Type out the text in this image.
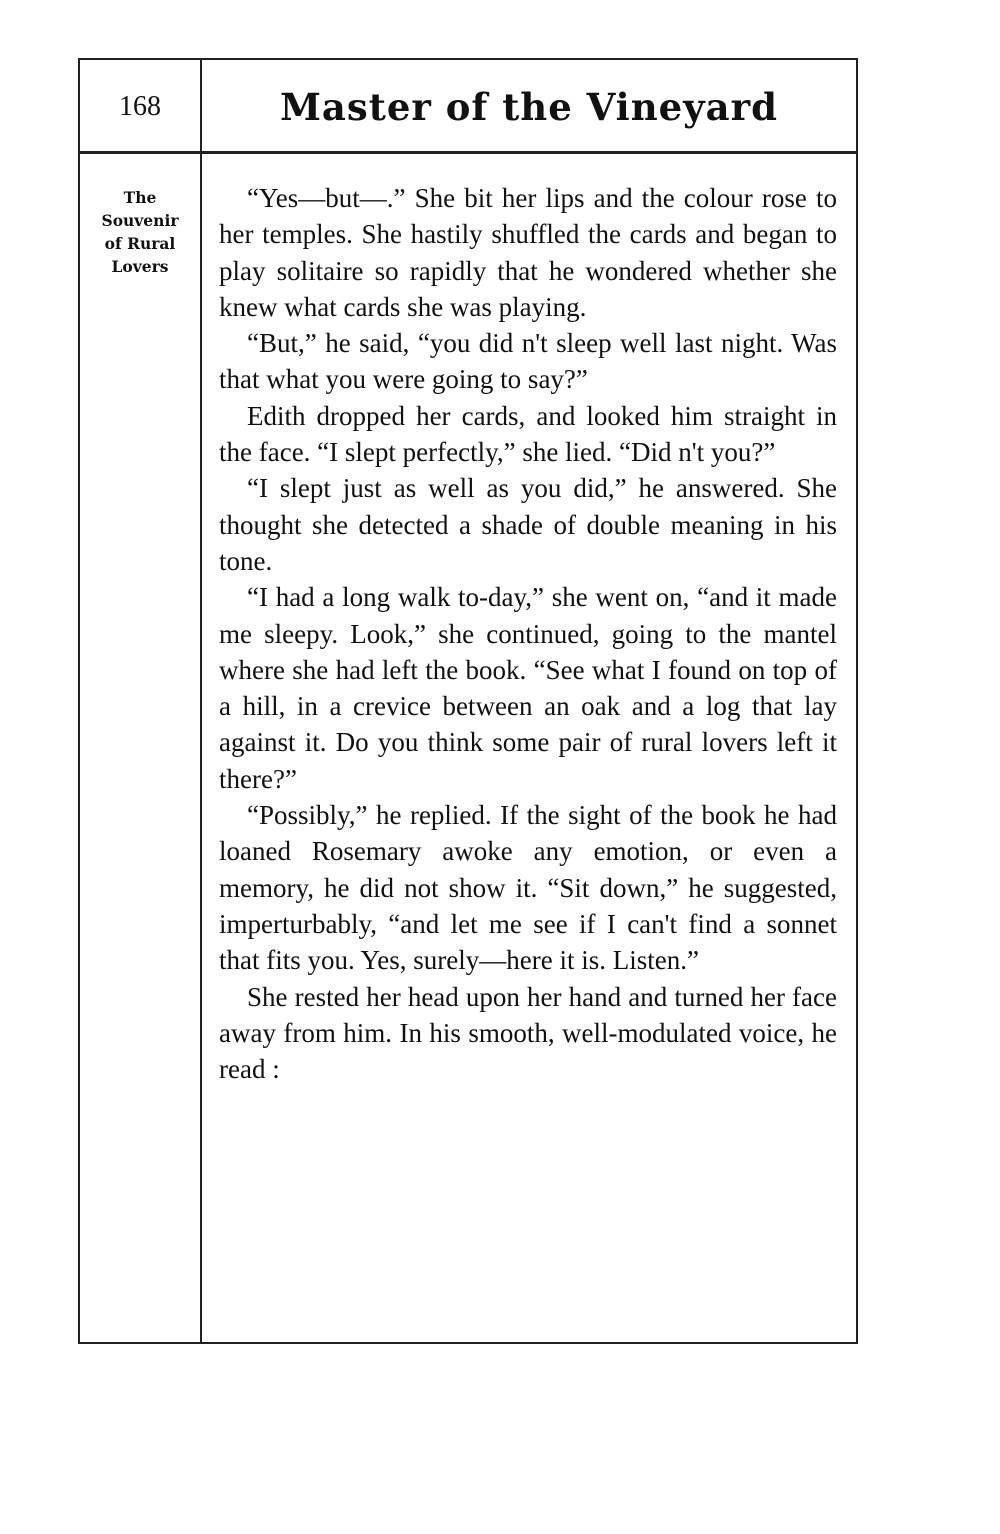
168	Master of the Vineyard
The
Souvenir
of Rural
Lovers

“Yes—but—.” She bit her lips and the colour rose to her temples. She hastily shuffled the cards and began to play solitaire so rapidly that he wondered whether she knew what cards she was playing.

“But,” he said, “you did n't sleep well last night. Was that what you were going to say?”

Edith dropped her cards, and looked him straight in the face. “I slept perfectly,” she lied. “Did n't you?”

“I slept just as well as you did,” he answered. She thought she detected a shade of double meaning in his tone.

“I had a long walk to-day,” she went on, “and it made me sleepy. Look,” she continued, going to the mantel where she had left the book. “See what I found on top of a hill, in a crevice between an oak and a log that lay against it. Do you think some pair of rural lovers left it there?”

“Possibly,” he replied. If the sight of the book he had loaned Rosemary awoke any emotion, or even a memory, he did not show it. “Sit down,” he suggested, imperturbably, “and let me see if I can't find a sonnet that fits you. Yes, surely—here it is. Listen.”

She rested her head upon her hand and turned her face away from him. In his smooth, well-modulated voice, he read :
